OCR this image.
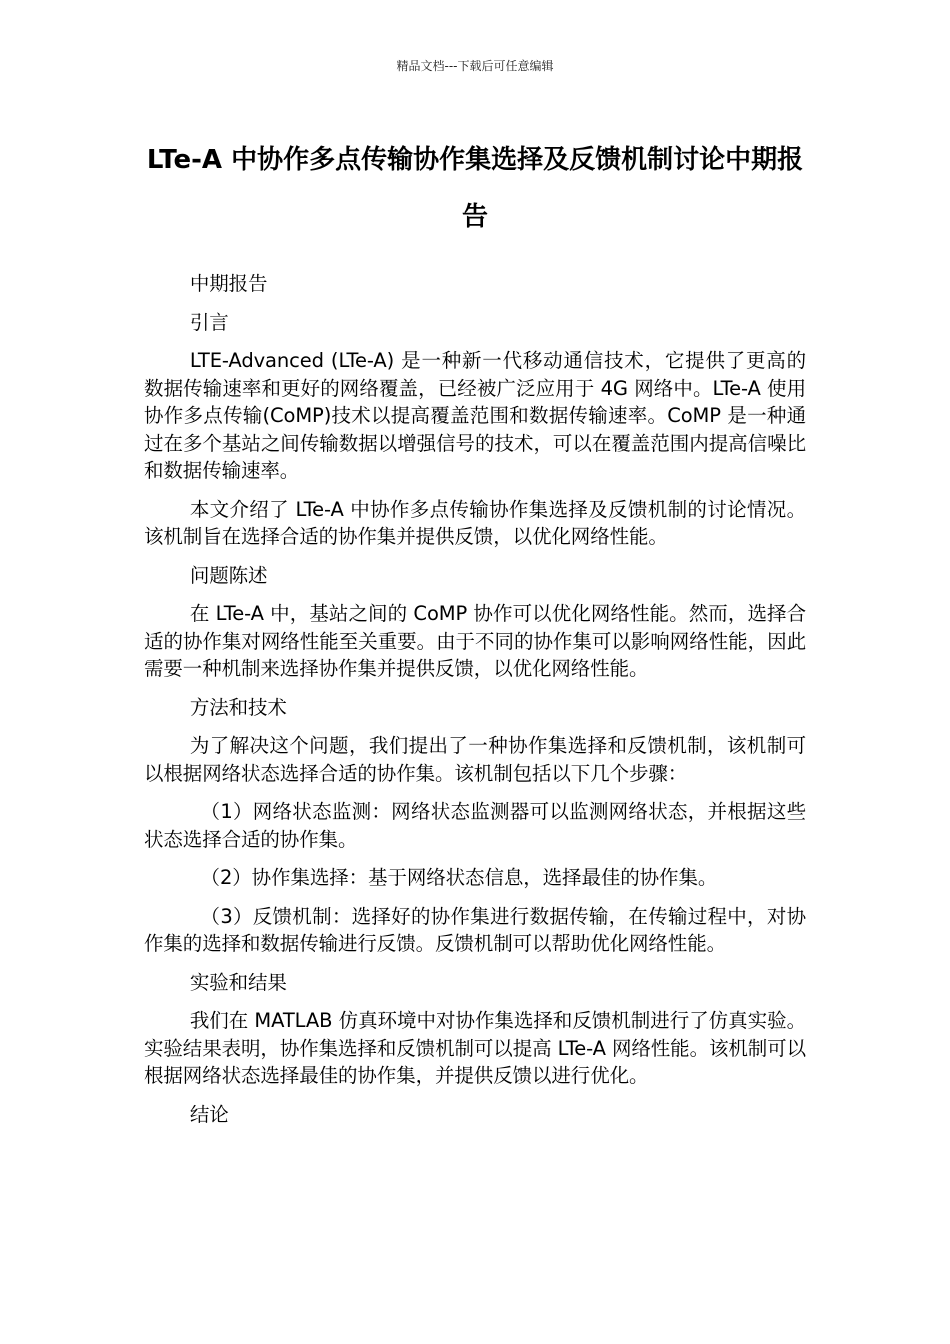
精品文档---下载后可任意编辑
LTe-A 中协作多点传输协作集选择及反馈机制讨论中期报告

中期报告

引言

LTE-Advanced (LTe-A) 是一种新一代移动通信技术，它提供了更高的数据传输速率和更好的网络覆盖，已经被广泛应用于 4G 网络中。LTe-A 使用协作多点传输(CoMP)技术以提高覆盖范围和数据传输速率。CoMP 是一种通过在多个基站之间传输数据以增强信号的技术，可以在覆盖范围内提高信噪比和数据传输速率。

本文介绍了 LTe-A 中协作多点传输协作集选择及反馈机制的讨论情况。该机制旨在选择合适的协作集并提供反馈，以优化网络性能。

问题陈述

在 LTe-A 中，基站之间的 CoMP 协作可以优化网络性能。然而，选择合适的协作集对网络性能至关重要。由于不同的协作集可以影响网络性能，因此需要一种机制来选择协作集并提供反馈，以优化网络性能。

方法和技术

为了解决这个问题，我们提出了一种协作集选择和反馈机制，该机制可以根据网络状态选择合适的协作集。该机制包括以下几个步骤：

（1）网络状态监测：网络状态监测器可以监测网络状态，并根据这些状态选择合适的协作集。

（2）协作集选择：基于网络状态信息，选择最佳的协作集。

（3）反馈机制：选择好的协作集进行数据传输，在传输过程中，对协作集的选择和数据传输进行反馈。反馈机制可以帮助优化网络性能。

实验和结果

我们在 MATLAB 仿真环境中对协作集选择和反馈机制进行了仿真实验。实验结果表明，协作集选择和反馈机制可以提高 LTe-A 网络性能。该机制可以根据网络状态选择最佳的协作集，并提供反馈以进行优化。

结论
